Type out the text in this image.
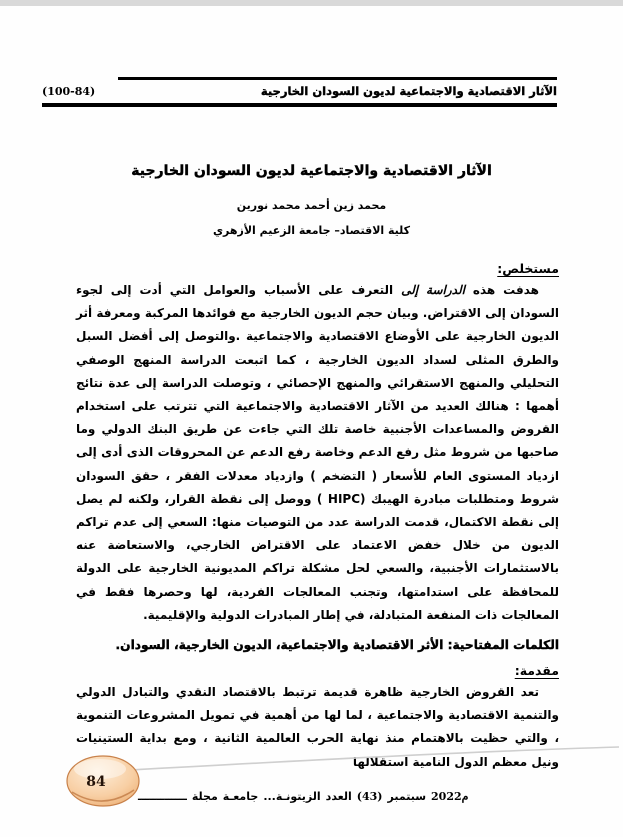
(100-84)	الآثار الاقتصادية والاجتماعية لديون السودان الخارجية
الآثار الاقتصادية والاجتماعية لديون السودان الخارجية
محمد زين أحمد محمد نورين
كلية الاقتصاد– جامعة الزعيم الأزهري
مستخلص:

هدفت هذه الدراسة إلى التعرف على الأسباب والعوامل التي أدت إلى لجوء السودان إلى الاقتراض. وبيان حجم الديون الخارجية مع فوائدها المركبة ومعرفة أثر الديون الخارجية على الأوضاع الاقتصادية والاجتماعية .والتوصل إلى أفضل السبل والطرق المثلى لسداد الديون الخارجية ، كما اتبعت الدراسة المنهج الوصفي التحليلي والمنهج الاستقرائي والمنهج الإحصائي ، وتوصلت الدراسة إلى عدة نتائج أهمها : هنالك العديد من الآثار الاقتصادية والاجتماعية التي تترتب على استخدام القروض والمساعدات الأجنبية خاصة تلك التي جاءت عن طريق البنك الدولي وما صاحبها من شروط مثل رفع الدعم وخاصة رفع الدعم عن المحروقات الذى أدى إلى ازدياد المستوى العام للأسعار ( التضخم ) وازدياد معدلات الفقر ، حقق السودان شروط ومتطلبات مبادرة الهيبك (HIPC ) ووصل إلى نقطة القرار، ولكنه لم يصل إلى نقطة الاكتمال، قدمت الدراسة عدد من التوصيات منها: السعي إلى عدم تراكم الديون من خلال خفض الاعتماد على الاقتراض الخارجي، والاستعاضة عنه بالاستثمارات الأجنبية، والسعي لحل مشكلة تراكم المديونية الخارجية على الدولة للمحافظة على استدامتها، وتجنب المعالجات الفردية، لها وحصرها فقط في المعالجات ذات المنفعة المتبادلة، في إطار المبادرات الدولية والإقليمية.

الكلمات المفتاحية: الأثر الاقتصادية والاجتماعية، الديون الخارجية، السودان.
مقدمة:

تعد القروض الخارجية ظاهرة قديمة ترتبط بالاقتصاد النقدي والتبادل الدولي والتنمية الاقتصادية والاجتماعية ، لما لها من أهمية في تمويل المشروعات التنموية ، والتي حظيت بالاهتمام منذ نهاية الحرب العالمية الثانية ، ومع بداية الستينيات ونيل معظم الدول النامية استقلالها

84
ـــــــــــــ مجلة جامعـة الزيتونـة... العدد (43) سبتمبر 2022م
